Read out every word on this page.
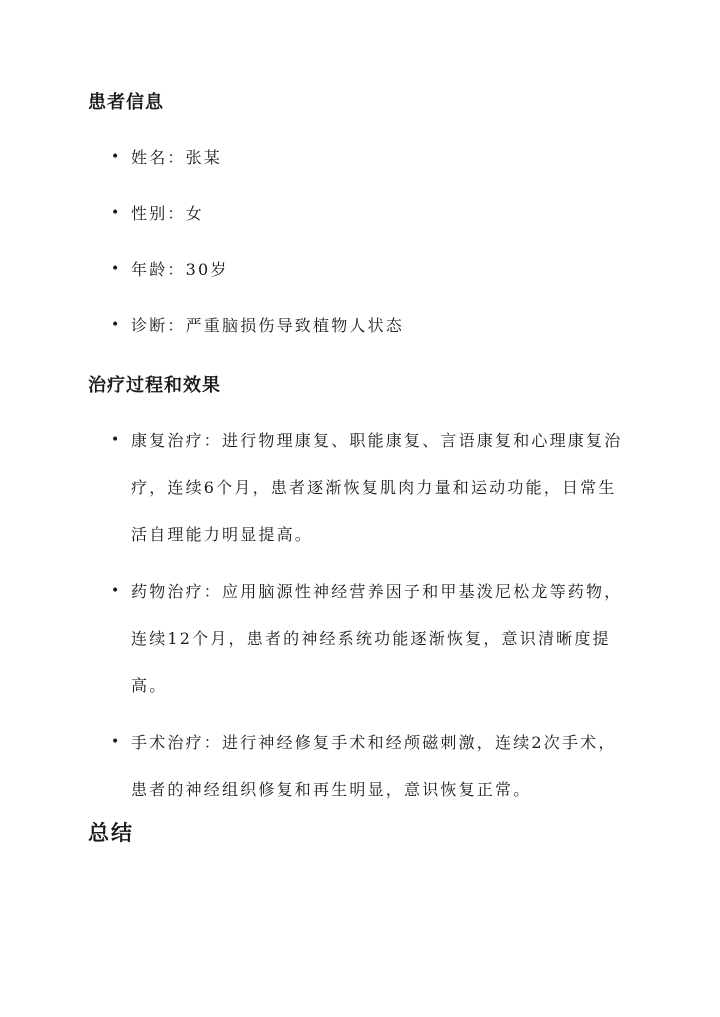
患者信息
• 姓名：张某
• 性别：女
• 年龄：30岁
• 诊断：严重脑损伤导致植物人状态
治疗过程和效果
• 康复治疗：进行物理康复、职能康复、言语康复和心理康复治疗，连续6个月，患者逐渐恢复肌肉力量和运动功能，日常生活自理能力明显提高。
• 药物治疗：应用脑源性神经营养因子和甲基泼尼松龙等药物，连续12个月，患者的神经系统功能逐渐恢复，意识清晰度提高。
• 手术治疗：进行神经修复手术和经颅磁刺激，连续2次手术，患者的神经组织修复和再生明显，意识恢复正常。
总结
